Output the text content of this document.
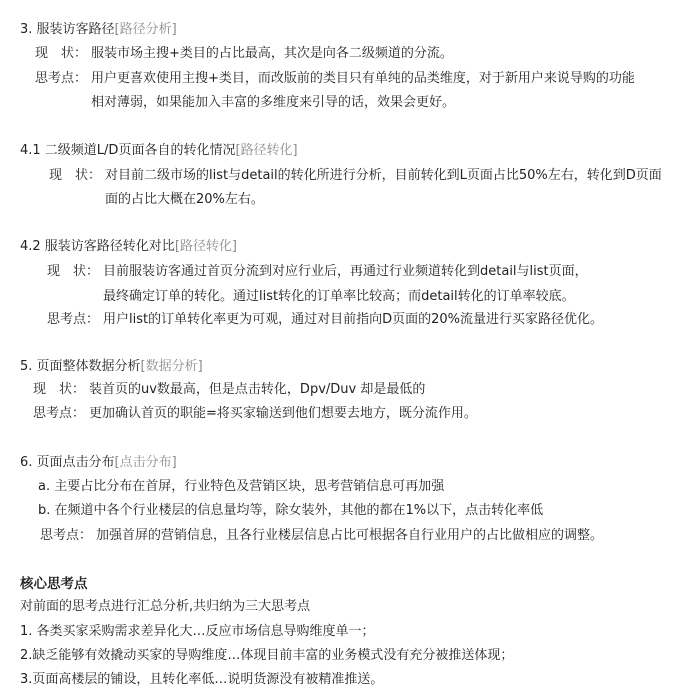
3. 服装访客路径[路径分析]
现　状： 服装市场主搜+类目的占比最高，其次是向各二级频道的分流。
思考点： 用户更喜欢使用主搜+类目，而改版前的类目只有单纯的品类维度，对于新用户来说导购的功能
相对薄弱，如果能加入丰富的多维度来引导的话，效果会更好。
4.1 二级频道L/D页面各自的转化情况[路径转化]
现　状： 对目前二级市场的list与detail的转化所进行分析，目前转化到L页面占比50%左右，转化到D页面
面的占比大概在20%左右。
4.2 服装访客路径转化对比[路径转化]
现　状： 目前服装访客通过首页分流到对应行业后，再通过行业频道转化到detail与list页面，
最终确定订单的转化。通过list转化的订单率比较高；而detail转化的订单率较底。
思考点： 用户list的订单转化率更为可观，通过对目前指向D页面的20%流量进行买家路径优化。
5. 页面整体数据分析[数据分析]
现　状： 装首页的uv数最高，但是点击转化，Dpv/Duv 却是最低的
思考点： 更加确认首页的职能=将买家输送到他们想要去地方，既分流作用。
6. 页面点击分布[点击分布]
a. 主要占比分布在首屏，行业特色及营销区块，思考营销信息可再加强
b. 在频道中各个行业楼层的信息量均等，除女装外，其他的都在1%以下，点击转化率低
思考点： 加强首屏的营销信息，且各行业楼层信息占比可根据各自行业用户的占比做相应的调整。
核心思考点
对前面的思考点进行汇总分析,共归纳为三大思考点
1. 各类买家采购需求差异化大…反应市场信息导购维度单一；
2.缺乏能够有效撬动买家的导购维度…体现目前丰富的业务模式没有充分被推送体现；
3.页面高楼层的铺设，且转化率低…说明货源没有被精准推送。
